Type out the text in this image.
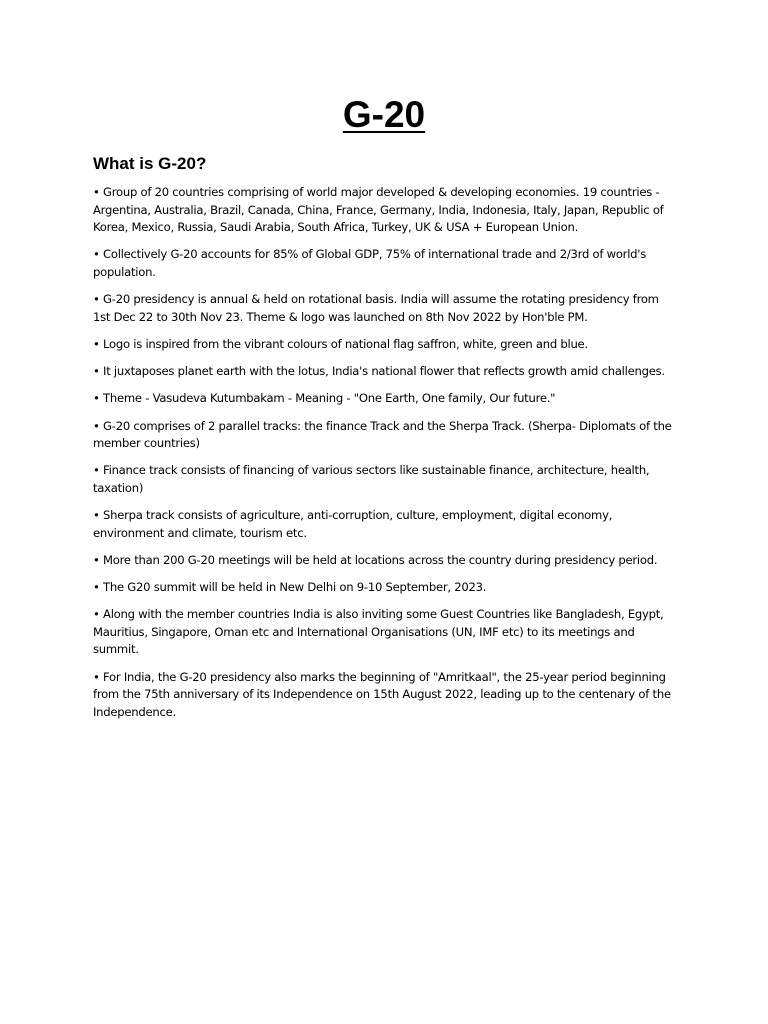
G-20
What is G-20?
• Group of 20 countries comprising of world major developed & developing economies. 19 countries - Argentina, Australia, Brazil, Canada, China, France, Germany, India, Indonesia, Italy, Japan, Republic of Korea, Mexico, Russia, Saudi Arabia, South Africa, Turkey, UK & USA + European Union.
• Collectively G-20 accounts for 85% of Global GDP, 75% of international trade and 2/3rd of world's population.
• G-20 presidency is annual & held on rotational basis. India will assume the rotating presidency from 1st Dec 22 to 30th Nov 23. Theme & logo was launched on 8th Nov 2022 by Hon'ble PM.
• Logo is inspired from the vibrant colours of national flag saffron, white, green and blue.
• It juxtaposes planet earth with the lotus, India's national flower that reflects growth amid challenges.
• Theme - Vasudeva Kutumbakam - Meaning - "One Earth, One family, Our future."
• G-20 comprises of 2 parallel tracks: the finance Track and the Sherpa Track. (Sherpa- Diplomats of the member countries)
• Finance track consists of financing of various sectors like sustainable finance, architecture, health, taxation)
• Sherpa track consists of agriculture, anti-corruption, culture, employment, digital economy, environment and climate, tourism etc.
• More than 200 G-20 meetings will be held at locations across the country during presidency period.
• The G20 summit will be held in New Delhi on 9-10 September, 2023.
• Along with the member countries India is also inviting some Guest Countries like Bangladesh, Egypt, Mauritius, Singapore, Oman etc and International Organisations (UN, IMF etc) to its meetings and summit.
• For India, the G-20 presidency also marks the beginning of "Amritkaal", the 25-year period beginning from the 75th anniversary of its Independence on 15th August 2022, leading up to the centenary of the Independence.
